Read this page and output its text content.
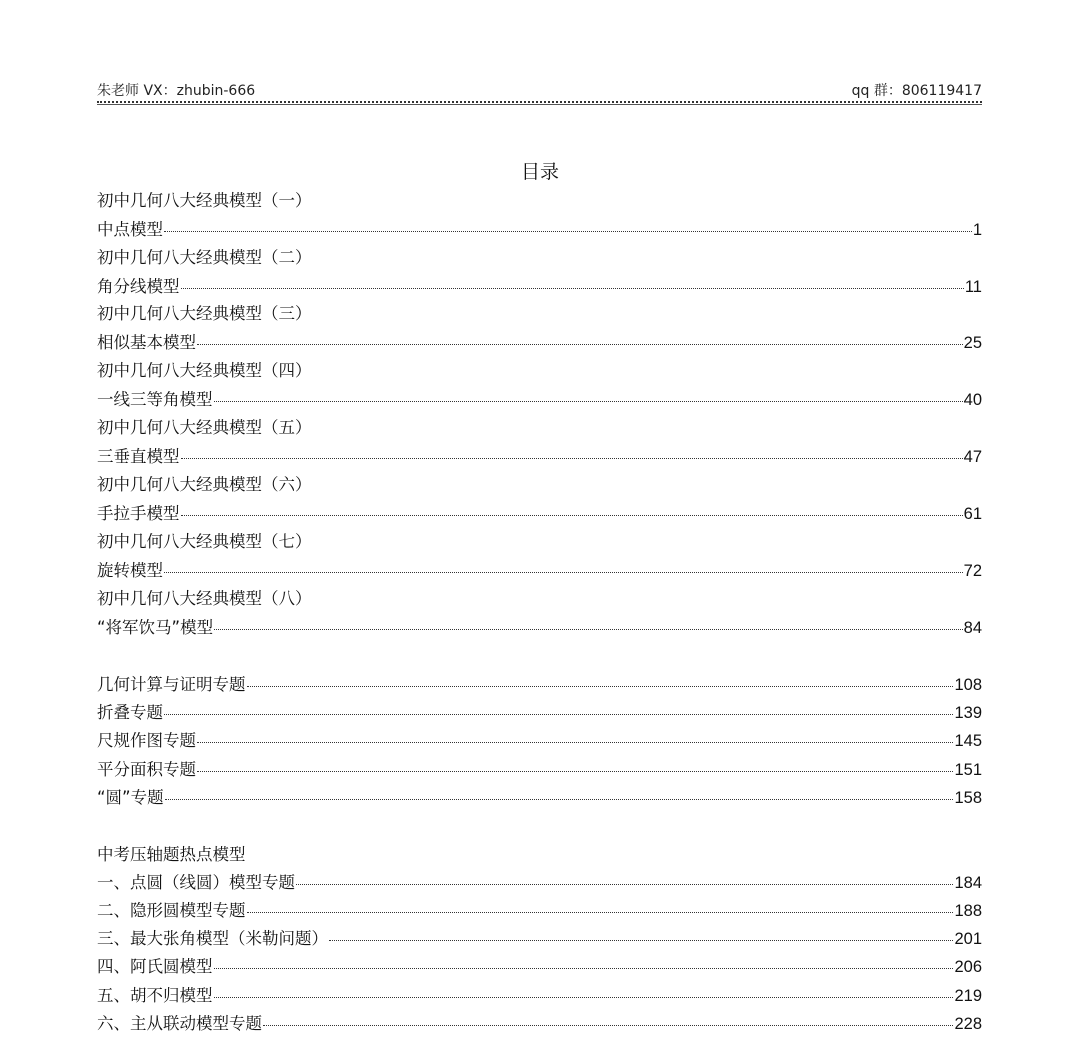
朱老师 VX：zhubin-666	qq 群：806119417
目录
初中几何八大经典模型（一）
中点模型	1
初中几何八大经典模型（二）
角分线模型	11
初中几何八大经典模型（三）
相似基本模型	25
初中几何八大经典模型（四）
一线三等角模型	40
初中几何八大经典模型（五）
三垂直模型	47
初中几何八大经典模型（六）
手拉手模型	61
初中几何八大经典模型（七）
旋转模型	72
初中几何八大经典模型（八）
“将军饮马”模型	84
几何计算与证明专题	108
折叠专题	139
尺规作图专题	145
平分面积专题	151
“圆”专题	158
中考压轴题热点模型
一、点圆（线圆）模型专题	184
二、隐形圆模型专题	188
三、最大张角模型（米勒问题）	201
四、阿氏圆模型	206
五、胡不归模型	219
六、主从联动模型专题	228
